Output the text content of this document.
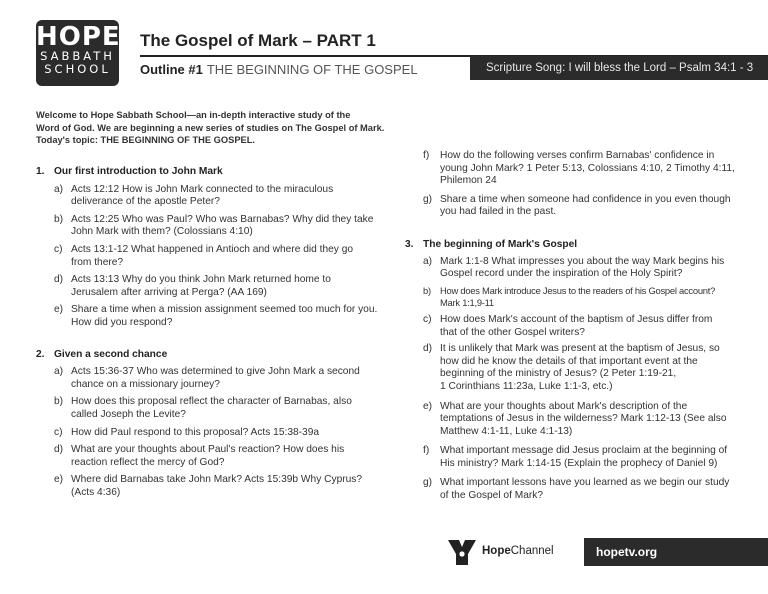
HOPE
SABBATH
SCHOOL
The Gospel of Mark – PART 1
Outline #1 THE BEGINNING OF THE GOSPEL	Scripture Song: I will bless the Lord – Psalm 34:1 - 3
Welcome to Hope Sabbath School—an in-depth interactive study of the
Word of God. We are beginning a new series of studies on The Gospel of Mark.
Today's topic: THE BEGINNING OF THE GOSPEL.
1. Our first introduction to John Mark
a) Acts 12:12 How is John Mark connected to the miraculous
deliverance of the apostle Peter?
b) Acts 12:25 Who was Paul? Who was Barnabas? Why did they take
John Mark with them? (Colossians 4:10)
c) Acts 13:1-12 What happened in Antioch and where did they go
from there?
d) Acts 13:13 Why do you think John Mark returned home to
Jerusalem after arriving at Perga? (AA 169)
e) Share a time when a mission assignment seemed too much for you.
How did you respond?
2. Given a second chance
a) Acts 15:36-37 Who was determined to give John Mark a second
chance on a missionary journey?
b) How does this proposal reflect the character of Barnabas, also
called Joseph the Levite?
c) How did Paul respond to this proposal? Acts 15:38-39a
d) What are your thoughts about Paul's reaction? How does his
reaction reflect the mercy of God?
e) Where did Barnabas take John Mark? Acts 15:39b Why Cyprus?
(Acts 4:36)
f)	How do the following verses confirm Barnabas' confidence in
young John Mark? 1 Peter 5:13, Colossians 4:10, 2 Timothy 4:11,
Philemon 24
g) Share a time when someone had confidence in you even though
you had failed in the past.
3. The beginning of Mark's Gospel
a) Mark 1:1-8 What impresses you about the way Mark begins his
Gospel record under the inspiration of the Holy Spirit?
b) How does Mark introduce Jesus to the readers of his Gospel account?
Mark 1:1,9-11
c) How does Mark's account of the baptism of Jesus differ from
that of the other Gospel writers?
d) It is unlikely that Mark was present at the baptism of Jesus, so
how did he know the details of that important event at the
beginning of the ministry of Jesus? (2 Peter 1:19-21,
1 Corinthians 11:23a, Luke 1:1-3, etc.)
e) What are your thoughts about Mark's description of the
temptations of Jesus in the wilderness? Mark 1:12-13 (See also
Matthew 4:1-11, Luke 4:1-13)
f)	What important message did Jesus proclaim at the beginning of
His ministry? Mark 1:14-15 (Explain the prophecy of Daniel 9)
g) What important lessons have you learned as we begin our study
of the Gospel of Mark?
HopeChannel	hopetv.org
